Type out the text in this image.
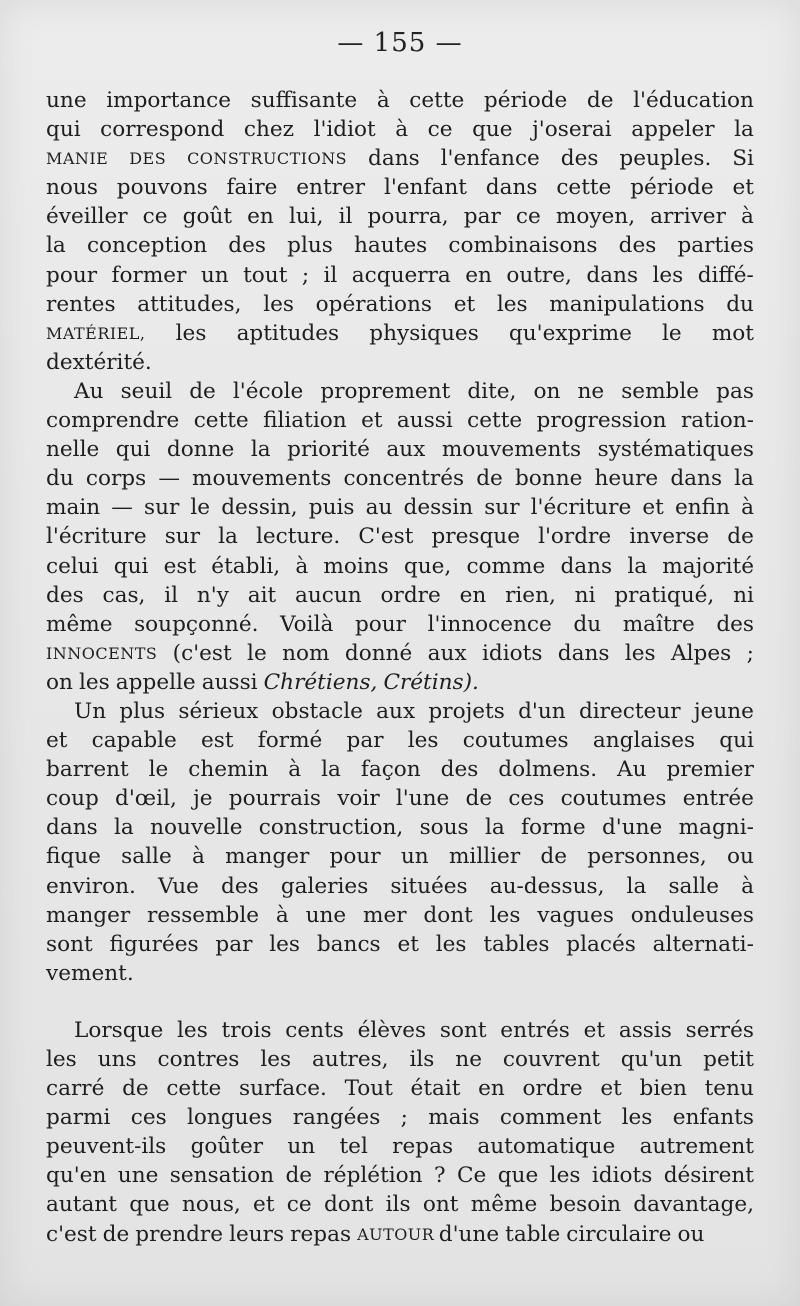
— 155 —
une importance suffisante à cette période de l'éducation
qui correspond chez l'idiot à ce que j'oserai appeler la
MANIE DES CONSTRUCTIONS dans l'enfance des peuples. Si
nous pouvons faire entrer l'enfant dans cette période et
éveiller ce goût en lui, il pourra, par ce moyen, arriver à
la conception des plus hautes combinaisons des parties
pour former un tout ; il acquerra en outre, dans les diffé-
rentes attitudes, les opérations et les manipulations du
MATÉRIEL, les aptitudes physiques qu'exprime le mot
dextérité.
Au seuil de l'école proprement dite, on ne semble pas
comprendre cette filiation et aussi cette progression ration-
nelle qui donne la priorité aux mouvements systématiques
du corps — mouvements concentrés de bonne heure dans la
main — sur le dessin, puis au dessin sur l'écriture et enfin à
l'écriture sur la lecture. C'est presque l'ordre inverse de
celui qui est établi, à moins que, comme dans la majorité
des cas, il n'y ait aucun ordre en rien, ni pratiqué, ni
même soupçonné. Voilà pour l'innocence du maître des
INNOCENTS (c'est le nom donné aux idiots dans les Alpes ;
on les appelle aussi Chrétiens, Crétins).
Un plus sérieux obstacle aux projets d'un directeur jeune
et capable est formé par les coutumes anglaises qui
barrent le chemin à la façon des dolmens. Au premier
coup d'œil, je pourrais voir l'une de ces coutumes entrée
dans la nouvelle construction, sous la forme d'une magni-
fique salle à manger pour un millier de personnes, ou
environ. Vue des galeries situées au-dessus, la salle à
manger ressemble à une mer dont les vagues onduleuses
sont figurées par les bancs et les tables placés alternati-
vement.
Lorsque les trois cents élèves sont entrés et assis serrés
les uns contres les autres, ils ne couvrent qu'un petit
carré de cette surface. Tout était en ordre et bien tenu
parmi ces longues rangées ; mais comment les enfants
peuvent-ils goûter un tel repas automatique autrement
qu'en une sensation de réplétion ? Ce que les idiots désirent
autant que nous, et ce dont ils ont même besoin davantage,
c'est de prendre leurs repas AUTOUR d'une table circulaire ou
